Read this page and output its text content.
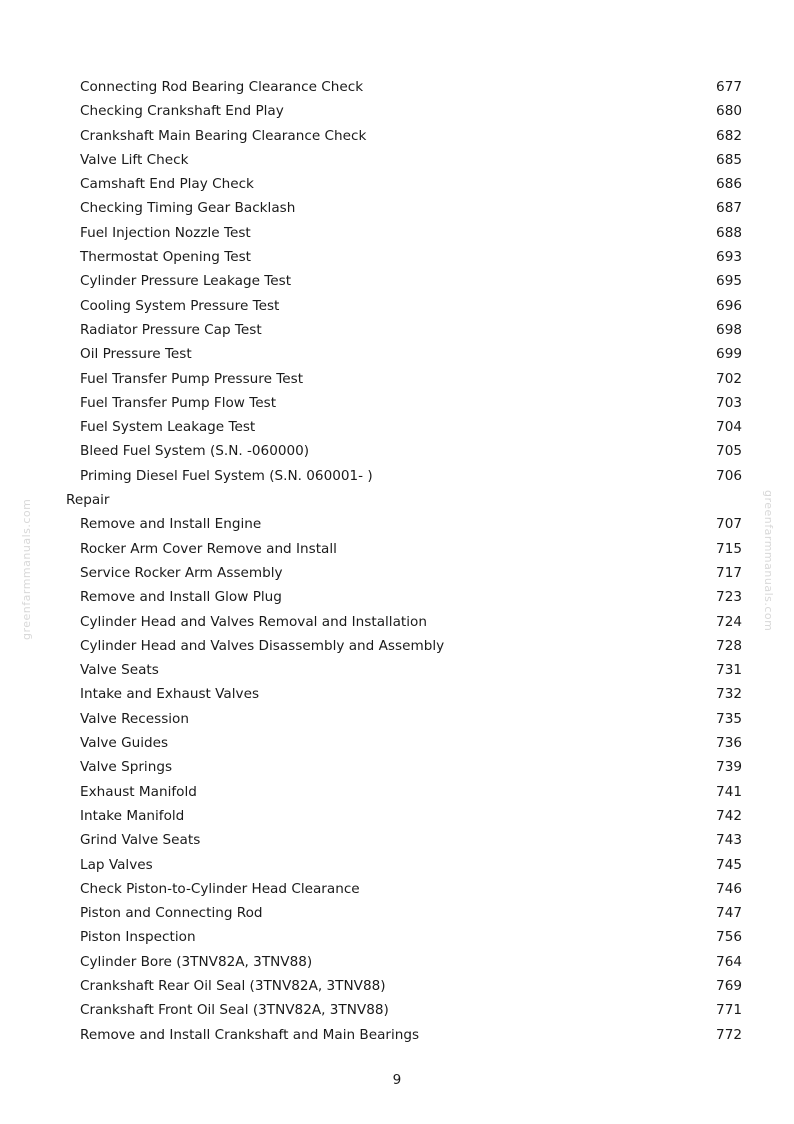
greenfarmmanuals.com	greenfarmmanuals.com
Connecting Rod Bearing Clearance Check	677
Checking Crankshaft End Play	680
Crankshaft Main Bearing Clearance Check	682
Valve Lift Check	685
Camshaft End Play Check	686
Checking Timing Gear Backlash	687
Fuel Injection Nozzle Test	688
Thermostat Opening Test	693
Cylinder Pressure Leakage Test	695
Cooling System Pressure Test	696
Radiator Pressure Cap Test	698
Oil Pressure Test	699
Fuel Transfer Pump Pressure Test	702
Fuel Transfer Pump Flow Test	703
Fuel System Leakage Test	704
Bleed Fuel System (S.N. -060000)	705
Priming Diesel Fuel System (S.N. 060001- )	706
Repair
Remove and Install Engine	707
Rocker Arm Cover Remove and Install	715
Service Rocker Arm Assembly	717
Remove and Install Glow Plug	723
Cylinder Head and Valves Removal and Installation	724
Cylinder Head and Valves Disassembly and Assembly	728
Valve Seats	731
Intake and Exhaust Valves	732
Valve Recession	735
Valve Guides	736
Valve Springs	739
Exhaust Manifold	741
Intake Manifold	742
Grind Valve Seats	743
Lap Valves	745
Check Piston-to-Cylinder Head Clearance	746
Piston and Connecting Rod	747
Piston Inspection	756
Cylinder Bore (3TNV82A, 3TNV88)	764
Crankshaft Rear Oil Seal (3TNV82A, 3TNV88)	769
Crankshaft Front Oil Seal (3TNV82A, 3TNV88)	771
Remove and Install Crankshaft and Main Bearings	772
9
